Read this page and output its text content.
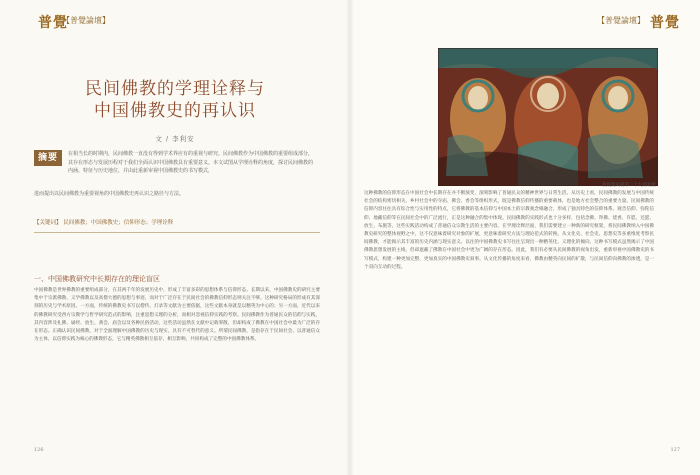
普覺
【普覺論壇】
民间佛教的学理诠释与
中国佛教史的再认识
文 / 李利安
摘要	在相当长的时期内，民间佛教一直没有得到学术界应有的重视与研究。民间佛教作为中国佛教的重要组成部分，其存在形态与发展历程对于我们全面认识中国佛教具有重要意义。本文试图从学理诠释的角度，探讨民间佛教的内涵、特征与历史地位，并由此重新审视中国佛教史的书写模式，
进而提出以民间佛教为重要视角的中国佛教史再认识之路径与方法。
【关键词】 民间佛教；中国佛教史；信仰形态；学理诠释
一、中国佛教研究中长期存在的理论盲区
中国佛教是世界佛教的重要组成部分，在其两千年的发展历史中，形成了丰富多彩的思想体系与信仰形态。长期以来，中国佛教史的研究主要集中于宗派佛教、义学佛教以及高僧大德的思想与事迹，而对于广泛存在于民间社会的佛教信仰形态则关注不够。这种研究格局的形成有其深刻的历史与学术原因。一方面，传统的佛教史书写以僧传、灯录等文献为主要依据，这些文献本身就是以精英为中心的；另一方面，近代以来的佛教研究受西方宗教学与哲学研究范式的影响，注重思想义理的分析，而相对忽视信仰实践的考察。民间佛教作为普通民众的信仰与实践，其内容涉及礼佛、诵经、放生、斋会、庙会以及各种民俗活动，这些活动虽然在文献中记载零散，但却构成了佛教在中国社会中最为广泛的存在形态。正确认识民间佛教，对于全面理解中国佛教的历史与现实，具有不可替代的意义。所谓民间佛教，是指存在于民间社会、以普通信众为主体、以信仰实践为核心的佛教形态，它与精英佛教相互依存、相互影响，共同构成了完整的中国佛教体系。
126
【普覺論壇】 普覺
敦煌莫高窟第二十九窟北壁
这种佛教的信仰形态在中国社会中长期存在并不断演变，深刻影响了普通民众的精神世界与日常生活。从历史上看，民间佛教的发展与中国传统社会的结构密切相关，乡村社会中的寺庙、佛会、香会等组织形式，既是佛教信仰传播的重要载体，也是地方社会整合的重要力量。民间佛教的信仰内容往往具有综合性与实用性的特点，它将佛教的基本信仰与中国本土的宗教观念相融合，形成了独具特色的信仰体系。观音信仰、弥陀信仰、地藏信仰等在民间社会中的广泛流行，正是这种融合的集中体现。民间佛教的实践形式也十分多样，包括念佛、拜佛、烧香、许愿、还愿、放生、布施等，这些实践活动构成了普通信众宗教生活的主要内容。在学理诠释层面，我们需要建立一种新的研究框架，将民间佛教纳入中国佛教史研究的整体视野之中。这不仅意味着研究对象的扩展，更意味着研究方法与理论范式的转换。从文化史、社会史、思想史等多重维度考察民间佛教，才能揭示其丰富的历史内涵与现实意义。以往的中国佛教史书写往往呈现出一种精英化、义理化的倾向，这种书写模式虽然揭示了中国佛教思想发展的主线，但却遮蔽了佛教在中国社会中更为广阔的存在形态。因此，我们有必要从民间佛教的视角出发，重新审视中国佛教史的书写模式，构建一种更加完整、更加真实的中国佛教史叙事。从文化传播的角度来看，佛教由精英向民间的扩散，与民间信仰向佛教的渗透，是一个双向互动的过程。
127
